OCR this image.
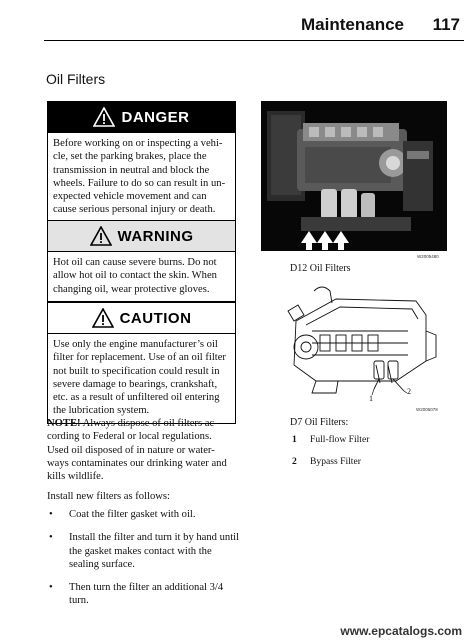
Maintenance 117
Oil Filters
DANGER
Before working on or inspecting a vehi-
cle, set the parking brakes, place the
transmission in neutral and block the
wheels. Failure to do so can result in un-
expected vehicle movement and can
cause serious personal injury or death.
WARNING
Hot oil can cause severe burns. Do not
allow hot oil to contact the skin. When
changing oil, wear protective gloves.
CAUTION
Use only the engine manufacturer’s oil
filter for replacement. Use of an oil filter
not built to specification could result in
severe damage to bearings, crankshaft,
etc. as a result of unfiltered oil entering
the lubrication system.
NOTE! Always dispose of oil filters ac-
cording to Federal or local regulations.
Used oil disposed of in nature or water-
ways contaminates our drinking water and
kills wildlife.
Install new filters as follows:
• Coat the filter gasket with oil.
• Install the filter and turn it by hand until the gasket makes contact with the sealing surface.
• Then turn the filter an additional 3/4 turn.
W2005480
D12 Oil Filters
1
2
W2005078
D7 Oil Filters:
1	Full-flow Filter
2	Bypass Filter
www.epcatalogs.com
